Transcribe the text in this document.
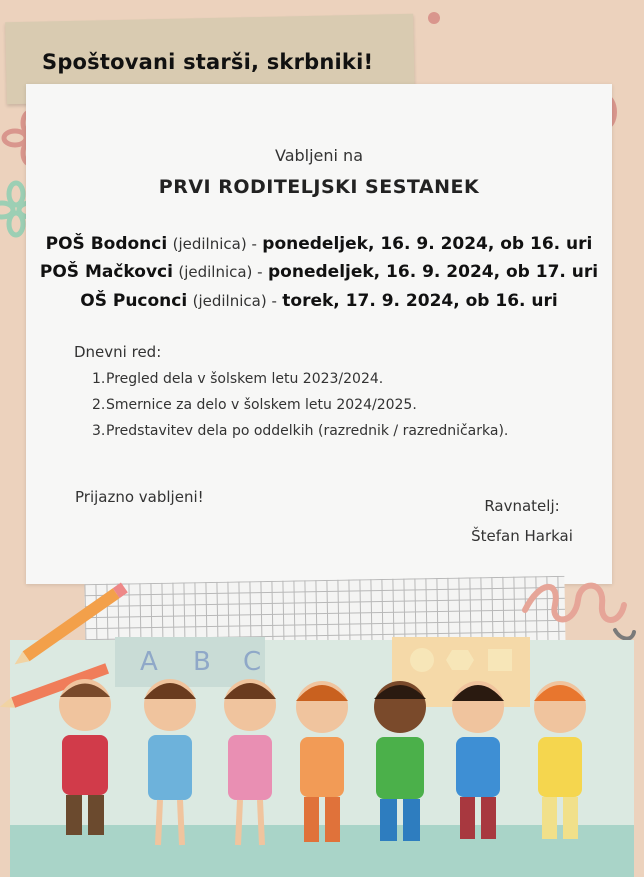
Spoštovani starši, skrbniki!
Vabljeni na
PRVI RODITELJSKI SESTANEK
POŠ Bodonci (jedilnica) - ponedeljek, 16. 9. 2024, ob 16. uri
POŠ Mačkovci (jedilnica) - ponedeljek, 16. 9. 2024, ob 17. uri
OŠ Puconci (jedilnica) - torek, 17. 9. 2024, ob 16. uri
Dnevni red:
1.Pregled dela v šolskem letu 2023/2024.
2.Smernice za delo v šolskem letu 2024/2025.
3.Predstavitev dela po oddelkih (razrednik / razredničarka).
Prijazno vabljeni!	Ravnatelj:
Štefan Harkai
A B C
